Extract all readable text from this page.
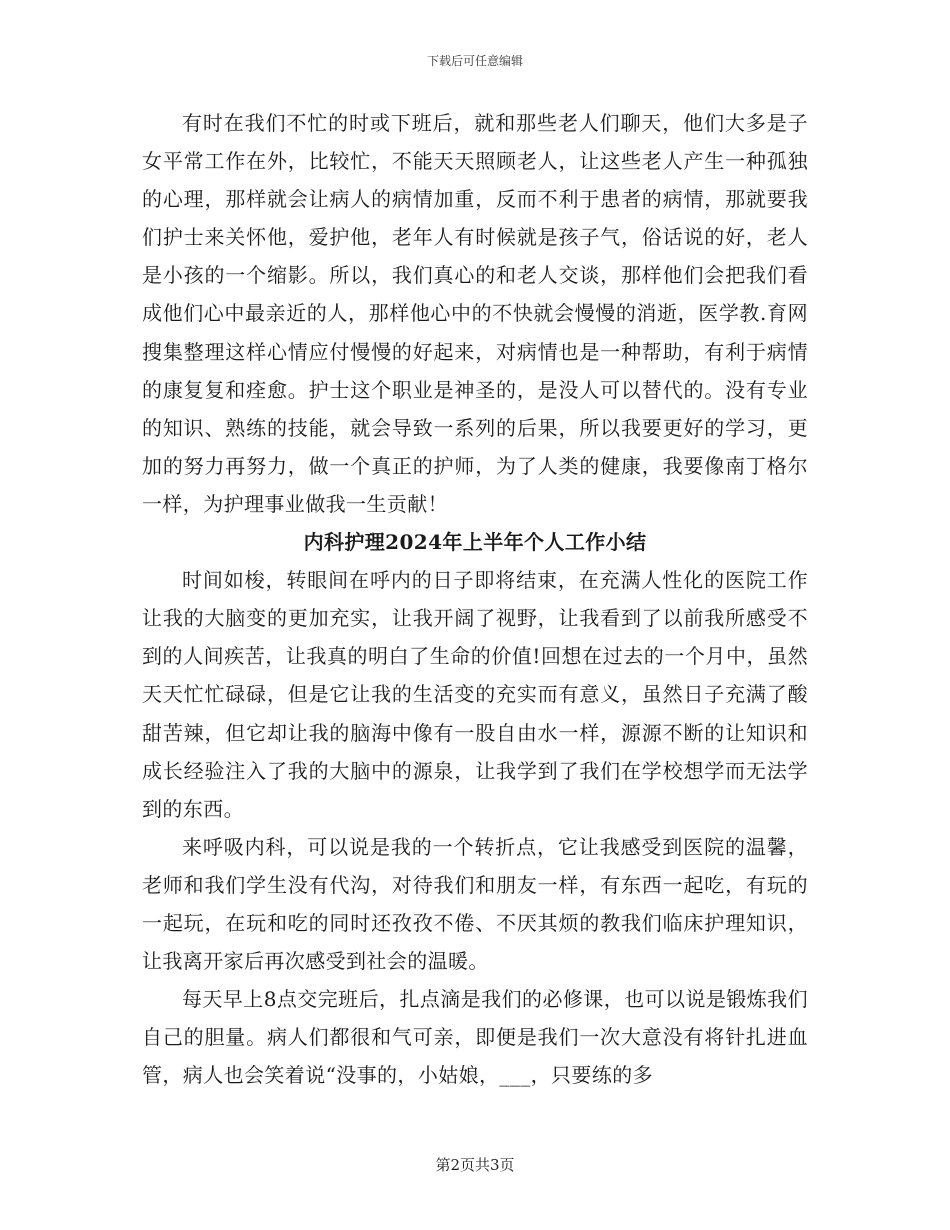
下载后可任意编辑

有时在我们不忙的时或下班后，就和那些老人们聊天，他们大多是子女平常工作在外，比较忙，不能天天照顾老人，让这些老人产生一种孤独的心理，那样就会让病人的病情加重，反而不利于患者的病情，那就要我们护士来关怀他，爱护他，老年人有时候就是孩子气，俗话说的好，老人是小孩的一个缩影。所以，我们真心的和老人交谈，那样他们会把我们看成他们心中最亲近的人，那样他心中的不快就会慢慢的消逝，医学教.育网搜集整理这样心情应付慢慢的好起来，对病情也是一种帮助，有利于病情的康复复和痊愈。护士这个职业是神圣的，是没人可以替代的。没有专业的知识、熟练的技能，就会导致一系列的后果，所以我要更好的学习，更加的努力再努力，做一个真正的护师，为了人类的健康，我要像南丁格尔一样，为护理事业做我一生贡献！

内科护理2024年上半年个人工作小结

时间如梭，转眼间在呼内的日子即将结束，在充满人性化的医院工作让我的大脑变的更加充实，让我开阔了视野，让我看到了以前我所感受不到的人间疾苦，让我真的明白了生命的价值!回想在过去的一个月中，虽然天天忙忙碌碌，但是它让我的生活变的充实而有意义，虽然日子充满了酸甜苦辣，但它却让我的脑海中像有一股自由水一样，源源不断的让知识和成长经验注入了我的大脑中的源泉，让我学到了我们在学校想学而无法学到的东西。

来呼吸内科，可以说是我的一个转折点，它让我感受到医院的温馨，老师和我们学生没有代沟，对待我们和朋友一样，有东西一起吃，有玩的一起玩，在玩和吃的同时还孜孜不倦、不厌其烦的教我们临床护理知识，让我离开家后再次感受到社会的温暖。

每天早上8点交完班后，扎点滴是我们的必修课，也可以说是锻炼我们自己的胆量。病人们都很和气可亲，即便是我们一次大意没有将针扎进血管，病人也会笑着说“没事的，小姑娘，___，只要练的多

第2页共3页
